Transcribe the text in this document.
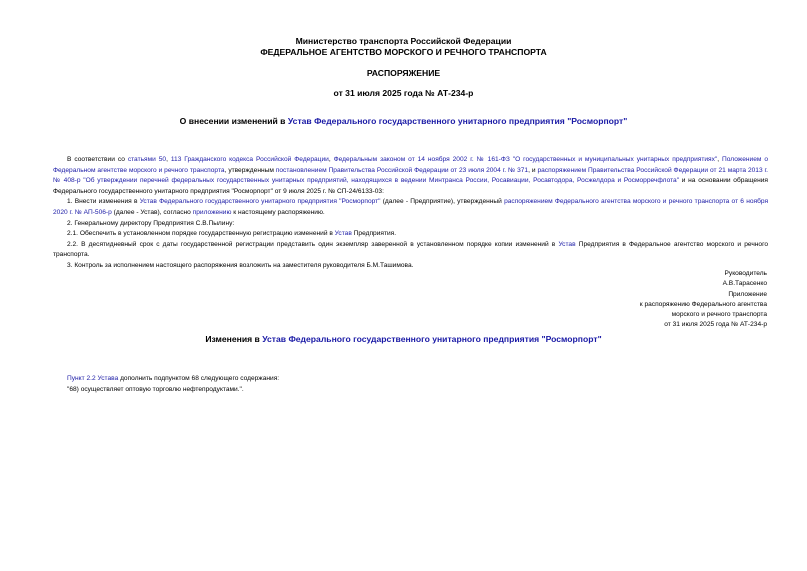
Министерство транспорта Российской Федерации
ФЕДЕРАЛЬНОЕ АГЕНТСТВО МОРСКОГО И РЕЧНОГО ТРАНСПОРТА
РАСПОРЯЖЕНИЕ
от 31 июля 2025 года № АТ-234-р
О внесении изменений в Устав Федерального государственного унитарного предприятия "Росморпорт"

В соответствии со статьями 50, 113 Гражданского кодекса Российской Федерации, Федеральным законом от 14 ноября 2002 г. № 161-ФЗ "О государственных и муниципальных унитарных предприятиях", Положением о Федеральном агентстве морского и речного транспорта, утвержденным постановлением Правительства Российской Федерации от 23 июля 2004 г. № 371, и распоряжением Правительства Российской Федерации от 21 марта 2013 г. № 408-р "Об утверждении перечней федеральных государственных унитарных предприятий, находящихся в ведении Минтранса России, Росавиации, Росавтодора, Росжелдора и Росморречфлота" и на основании обращения Федерального государственного унитарного предприятия "Росморпорт" от 9 июля 2025 г. № СП-24/6133-03:

1. Внести изменения в Устав Федерального государственного унитарного предприятия "Росморпорт" (далее - Предприятие), утвержденный распоряжением Федерального агентства морского и речного транспорта от 6 ноября 2020 г. № АП-506-р (далее - Устав), согласно приложению к настоящему распоряжению.

2. Генеральному директору Предприятия С.В.Пылину:

2.1. Обеспечить в установленном порядке государственную регистрацию изменений в Устав Предприятия.

2.2. В десятидневный срок с даты государственной регистрации представить один экземпляр заверенной в установленном порядке копии изменений в Устав Предприятия в Федеральное агентство морского и речного транспорта.

3. Контроль за исполнением настоящего распоряжения возложить на заместителя руководителя Б.М.Ташимова.

Руководитель
А.В.Тарасенко
Приложение
к распоряжению Федерального агентства
морского и речного транспорта
от 31 июля 2025 года № АТ-234-р
Изменения в Устав Федерального государственного унитарного предприятия "Росморпорт"
Пункт 2.2 Устава дополнить подпунктом 68 следующего содержания:
"68) осуществляет оптовую торговлю нефтепродуктами.".
